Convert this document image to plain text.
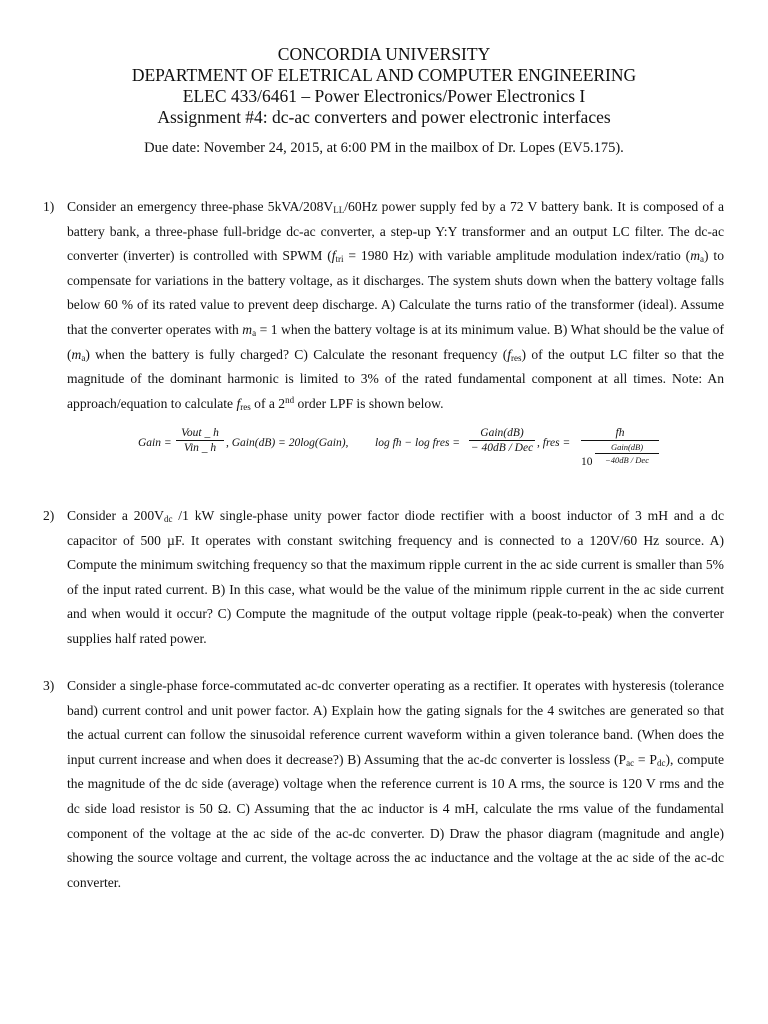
CONCORDIA UNIVERSITY
DEPARTMENT OF ELETRICAL AND COMPUTER ENGINEERING
ELEC 433/6461 – Power Electronics/Power Electronics I
Assignment #4: dc-ac converters and power electronic interfaces
Due date: November 24, 2015, at 6:00 PM in the mailbox of Dr. Lopes (EV5.175).
1) Consider an emergency three-phase $5kVA/208V_{LL}/60Hz$ power supply fed by a 72 V battery bank. It is composed of a battery bank, a three-phase full-bridge dc-ac converter, a step-up Y:Y transformer and an output LC filter. The dc-ac converter (inverter) is controlled with SPWM ($f_{tri} = 1980$ Hz) with variable amplitude modulation index/ratio $(m_a)$ to compensate for variations in the battery voltage, as it discharges. The system shuts down when the battery voltage falls below 60 % of its rated value to prevent deep discharge. A) Calculate the turns ratio of the transformer (ideal). Assume that the converter operates with $m_a = 1$ when the battery voltage is at its minimum value. B) What should be the value of $(m_a)$ when the battery is fully charged? C) Calculate the resonant frequency $(f_{res})$ of the output LC filter so that the magnitude of the dominant harmonic is limited to 3% of the rated fundamental component at all times. Note: An approach/equation to calculate $f_{res}$ of a 2nd order LPF is shown below.
Gain =
Vout _ h
Vin _ h , Gain(dB) = 20log(Gain), log fh − log fres =
Gain(dB)
− 40dB / Dec , fres =
fh
10
Gain(dB)
−40dB / Dec
2) Consider a $200V_{dc}$ /1 kW single-phase unity power factor diode rectifier with a boost inductor of 3 mH and a dc capacitor of 500 µF. It operates with constant switching frequency and is connected to a 120V/60 Hz source. A) Compute the minimum switching frequency so that the maximum ripple current in the ac side current is smaller than 5% of the input rated current. B) In this case, what would be the value of the minimum ripple current in the ac side current and when would it occur? C) Compute the magnitude of the output voltage ripple (peak-to-peak) when the converter supplies half rated power.
3) Consider a single-phase force-commutated ac-dc converter operating as a rectifier. It operates with hysteresis (tolerance band) current control and unit power factor. A) Explain how the gating signals for the 4 switches are generated so that the actual current can follow the sinusoidal reference current waveform within a given tolerance band. (When does the input current increase and when does it decrease?) B) Assuming that the ac-dc converter is lossless $(P_{ac} = P_{dc})$, compute the magnitude of the dc side (average) voltage when the reference current is 10 A rms, the source is 120 V rms and the dc side load resistor is 50 Ω. C) Assuming that the ac inductor is 4 mH, calculate the rms value of the fundamental component of the voltage at the ac side of the ac-dc converter. D) Draw the phasor diagram (magnitude and angle) showing the source voltage and current, the voltage across the ac inductance and the voltage at the ac side of the ac-dc converter.
